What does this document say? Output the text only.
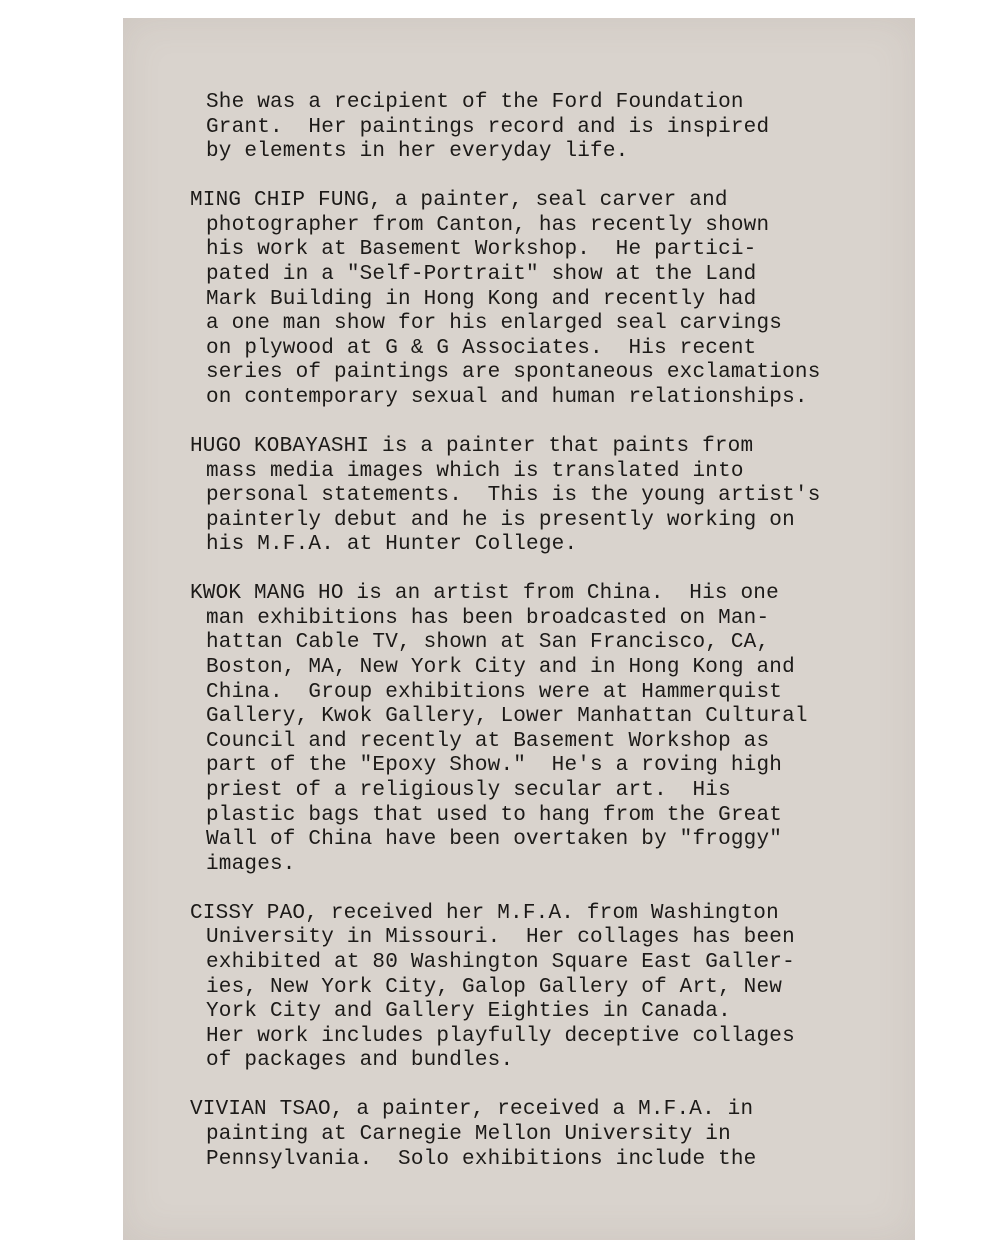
She was a recipient of the Ford Foundation
Grant.  Her paintings record and is inspired
by elements in her everyday life.
MING CHIP FUNG, a painter, seal carver and
photographer from Canton, has recently shown
his work at Basement Workshop.  He partici-
pated in a "Self-Portrait" show at the Land
Mark Building in Hong Kong and recently had
a one man show for his enlarged seal carvings
on plywood at G & G Associates.  His recent
series of paintings are spontaneous exclamations
on contemporary sexual and human relationships.
HUGO KOBAYASHI is a painter that paints from
mass media images which is translated into
personal statements.  This is the young artist's
painterly debut and he is presently working on
his M.F.A. at Hunter College.
KWOK MANG HO is an artist from China.  His one
man exhibitions has been broadcasted on Man-
hattan Cable TV, shown at San Francisco, CA,
Boston, MA, New York City and in Hong Kong and
China.  Group exhibitions were at Hammerquist
Gallery, Kwok Gallery, Lower Manhattan Cultural
Council and recently at Basement Workshop as
part of the "Epoxy Show."  He's a roving high
priest of a religiously secular art.  His
plastic bags that used to hang from the Great
Wall of China have been overtaken by "froggy"
images.
CISSY PAO, received her M.F.A. from Washington
University in Missouri.  Her collages has been
exhibited at 80 Washington Square East Galler-
ies, New York City, Galop Gallery of Art, New
York City and Gallery Eighties in Canada.
Her work includes playfully deceptive collages
of packages and bundles.
VIVIAN TSAO, a painter, received a M.F.A. in
painting at Carnegie Mellon University in
Pennsylvania.  Solo exhibitions include the
